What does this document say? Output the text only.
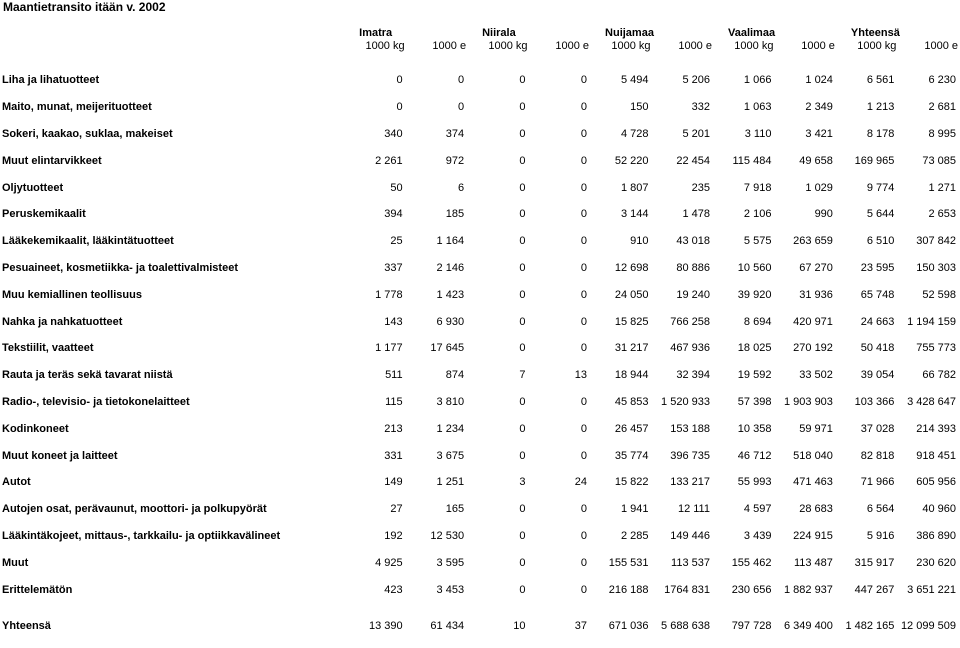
Maantietransito itään v. 2002
	Imatra		Niirala		Nuijamaa		Vaalimaa		Yhteensä	
	1000 kg	1000 e	1000 kg	1000 e	1000 kg	1000 e	1000 kg	1000 e	1000 kg	1000 e

Liha ja lihatuotteet	0	0	0	0	5 494	5 206	1 066	1 024	6 561	6 230
Maito, munat, meijerituotteet	0	0	0	0	150	332	1 063	2 349	1 213	2 681
Sokeri, kaakao, suklaa, makeiset	340	374	0	0	4 728	5 201	3 110	3 421	8 178	8 995
Muut elintarvikkeet	2 261	972	0	0	52 220	22 454	115 484	49 658	169 965	73 085
Oljytuotteet	50	6	0	0	1 807	235	7 918	1 029	9 774	1 271
Peruskemikaalit	394	185	0	0	3 144	1 478	2 106	990	5 644	2 653
Lääkekemikaalit, lääkintätuotteet	25	1 164	0	0	910	43 018	5 575	263 659	6 510	307 842
Pesuaineet, kosmetiikka- ja toalettivalmisteet	337	2 146	0	0	12 698	80 886	10 560	67 270	23 595	150 303
Muu kemiallinen teollisuus	1 778	1 423	0	0	24 050	19 240	39 920	31 936	65 748	52 598
Nahka ja nahkatuotteet	143	6 930	0	0	15 825	766 258	8 694	420 971	24 663	1 194 159
Tekstiilit, vaatteet	1 177	17 645	0	0	31 217	467 936	18 025	270 192	50 418	755 773
Rauta ja teräs sekä tavarat niistä	511	874	7	13	18 944	32 394	19 592	33 502	39 054	66 782
Radio-, televisio- ja tietokonelaitteet	115	3 810	0	0	45 853	1 520 933	57 398	1 903 903	103 366	3 428 647
Kodinkoneet	213	1 234	0	0	26 457	153 188	10 358	59 971	37 028	214 393
Muut koneet ja laitteet	331	3 675	0	0	35 774	396 735	46 712	518 040	82 818	918 451
Autot	149	1 251	3	24	15 822	133 217	55 993	471 463	71 966	605 956
Autojen osat, perävaunut, moottori- ja polkupyörät	27	165	0	0	1 941	12 111	4 597	28 683	6 564	40 960
Lääkintäkojeet, mittaus-, tarkkailu- ja optiikkavälineet	192	12 530	0	0	2 285	149 446	3 439	224 915	5 916	386 890
Muut	4 925	3 595	0	0	155 531	113 537	155 462	113 487	315 917	230 620
Erittelemätön	423	3 453	0	0	216 188	1764 831	230 656	1 882 937	447 267	3 651 221

Yhteensä	13 390	61 434	10	37	671 036	5 688 638	797 728	6 349 400	1 482 165	12 099 509
